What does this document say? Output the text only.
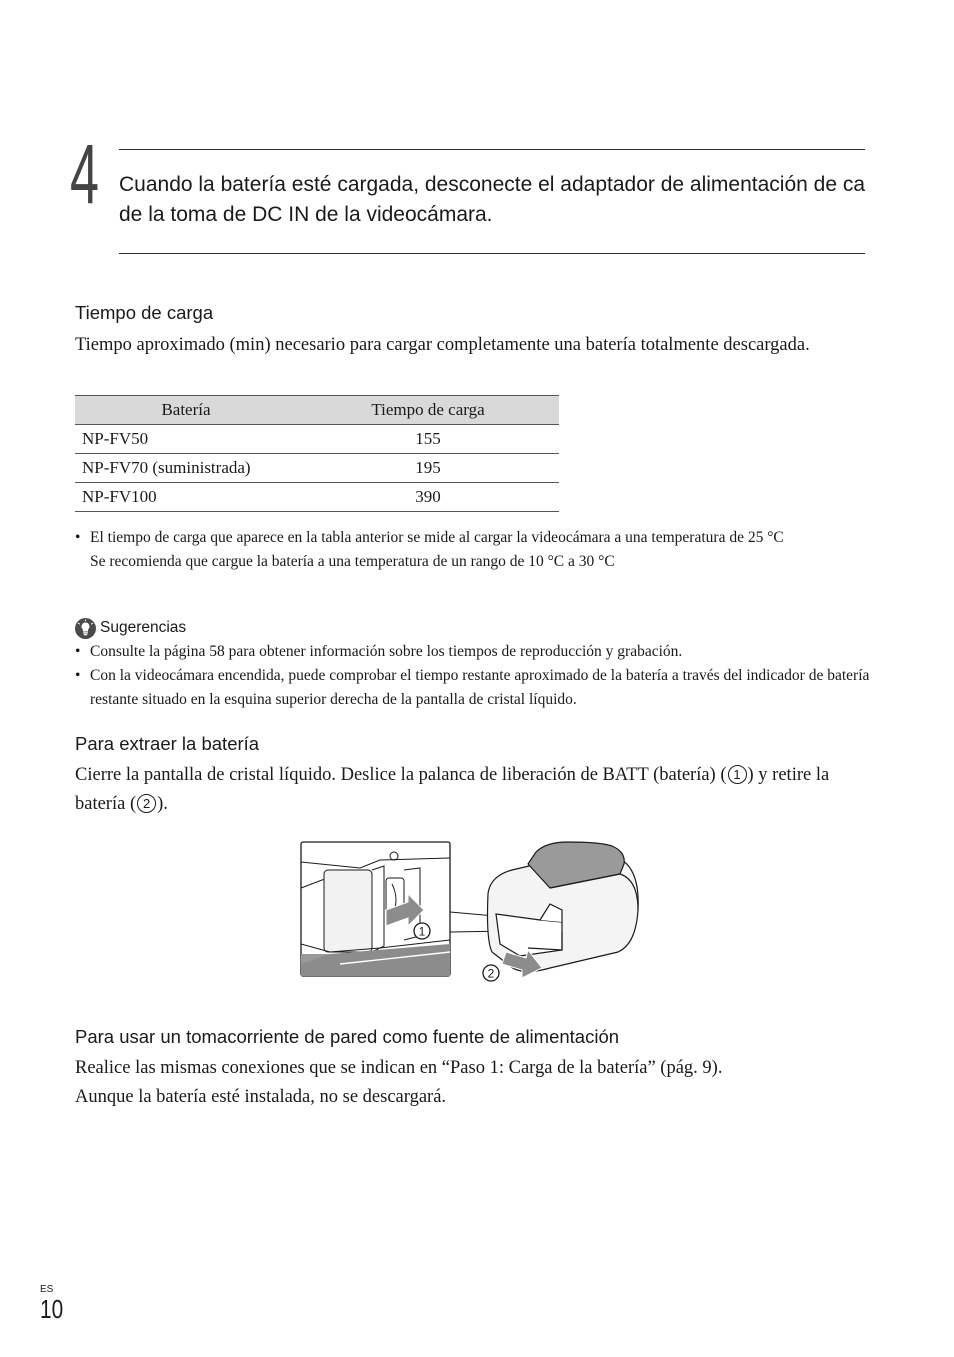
4 Cuando la batería esté cargada, desconecte el adaptador de alimentación de ca de la toma de DC IN de la videocámara.
Tiempo de carga
Tiempo aproximado (min) necesario para cargar completamente una batería totalmente descargada.
Batería	Tiempo de carga
NP-FV50	155
NP-FV70 (suministrada)	195
NP-FV100	390
• El tiempo de carga que aparece en la tabla anterior se mide al cargar la videocámara a una temperatura de 25 °C
Se recomienda que cargue la batería a una temperatura de un rango de 10 °C a 30 °C
Sugerencias
• Consulte la página 58 para obtener información sobre los tiempos de reproducción y grabación.
• Con la videocámara encendida, puede comprobar el tiempo restante aproximado de la batería a través del indicador de batería restante situado en la esquina superior derecha de la pantalla de cristal líquido.
Para extraer la batería
Cierre la pantalla de cristal líquido. Deslice la palanca de liberación de BATT (batería) ( 1 ) y retire la batería ( 2 ).
1
2
Para usar un tomacorriente de pared como fuente de alimentación
Realice las mismas conexiones que se indican en “Paso 1: Carga de la batería” (pág. 9).
Aunque la batería esté instalada, no se descargará.
ES
10
